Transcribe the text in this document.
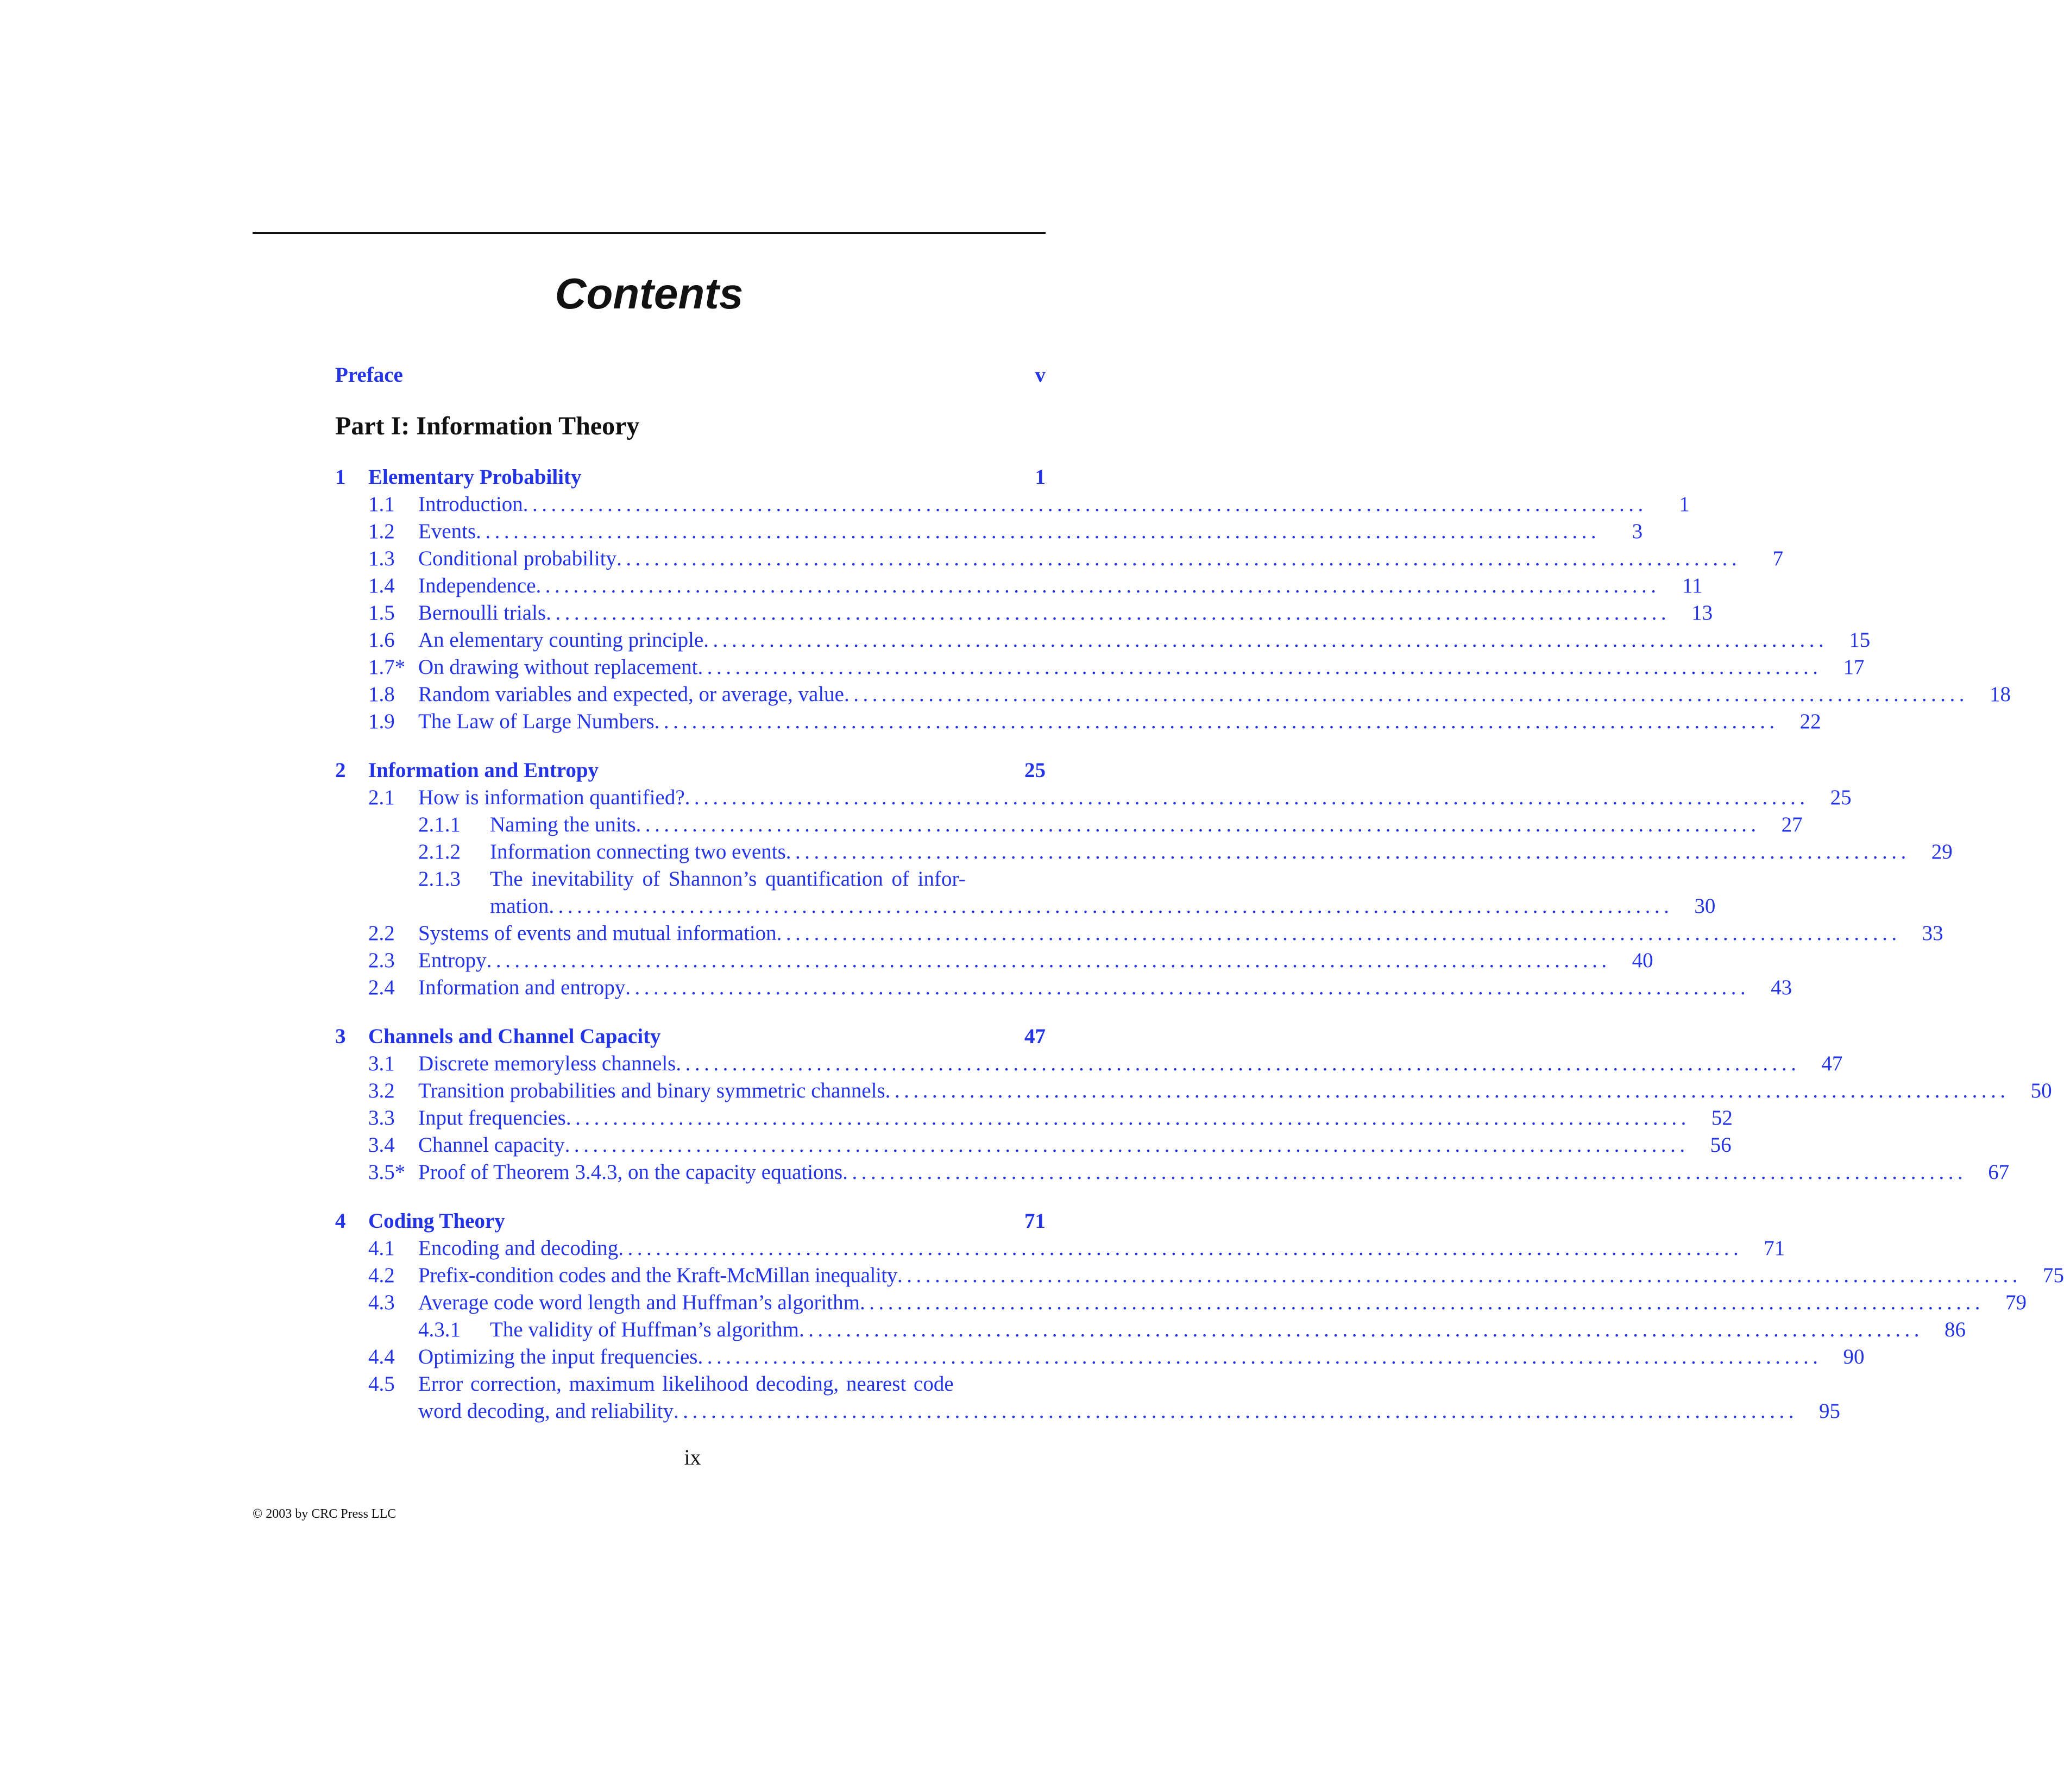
Contents
Preface	v
Part I: Information Theory
1 Elementary Probability	1
1.1 Introduction ........................................................................................................................	1
1.2 Events ........................................................................................................................	3
1.3 Conditional probability ........................................................................................................................	7
1.4 Independence ........................................................................................................................	11
1.5 Bernoulli trials ........................................................................................................................	13
1.6 An elementary counting principle ........................................................................................................................	15
1.7* On drawing without replacement ........................................................................................................................	17
1.8 Random variables and expected, or average, value ........................................................................................................................	18
1.9 The Law of Large Numbers ........................................................................................................................	22
2 Information and Entropy	25
2.1 How is information quantified? ........................................................................................................................	25
2.1.1 Naming the units ........................................................................................................................	27
2.1.2 Information connecting two events ........................................................................................................................	29
2.1.3 The inevitability of Shannon’s quantification of infor-
mation ........................................................................................................................	30
2.2 Systems of events and mutual information ........................................................................................................................	33
2.3 Entropy ........................................................................................................................	40
2.4 Information and entropy ........................................................................................................................	43
3 Channels and Channel Capacity	47
3.1 Discrete memoryless channels ........................................................................................................................	47
3.2 Transition probabilities and binary symmetric channels ........................................................................................................................	50
3.3 Input frequencies ........................................................................................................................	52
3.4 Channel capacity ........................................................................................................................	56
3.5* Proof of Theorem 3.4.3, on the capacity equations ........................................................................................................................	67
4 Coding Theory	71
4.1 Encoding and decoding ........................................................................................................................	71
4.2 Prefix-condition codes and the Kraft-McMillan inequality ........................................................................................................................	75
4.3 Average code word length and Huffman’s algorithm ........................................................................................................................	79
4.3.1 The validity of Huffman’s algorithm ........................................................................................................................	86
4.4 Optimizing the input frequencies ........................................................................................................................	90
4.5 Error correction, maximum likelihood decoding, nearest code
word decoding, and reliability ........................................................................................................................	95
ix
© 2003 by CRC Press LLC
